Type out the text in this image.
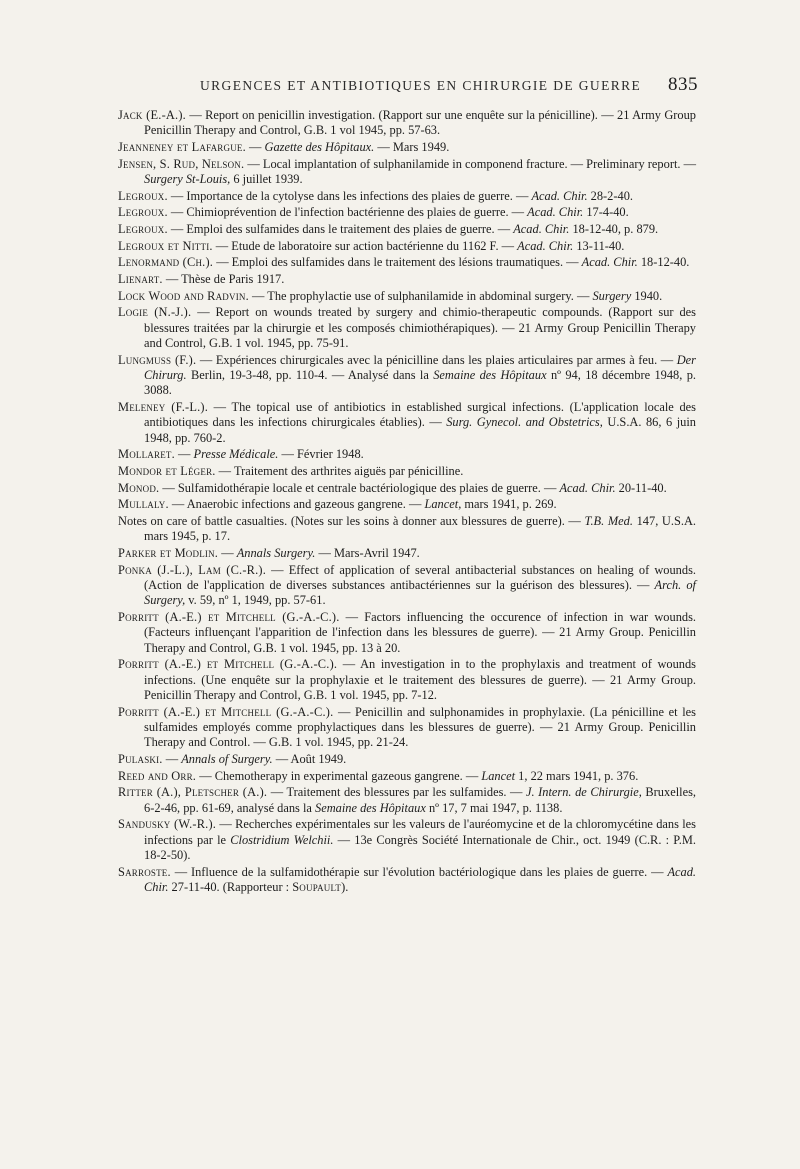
URGENCES ET ANTIBIOTIQUES EN CHIRURGIE DE GUERRE 835

Jack (E.-A.). — Report on penicillin investigation. (Rapport sur une enquête sur la pénicilline). — 21 Army Group Penicillin Therapy and Control, G.B. 1 vol 1945, pp. 57-63.

Jeanneney et Lafargue. — Gazette des Hôpitaux. — Mars 1949.

Jensen, S. Rud, Nelson. — Local implantation of sulphanilamide in componend fracture. — Preliminary report. — Surgery St-Louis, 6 juillet 1939.

Legroux. — Importance de la cytolyse dans les infections des plaies de guerre. — Acad. Chir. 28-2-40.

Legroux. — Chimioprévention de l'infection bactérienne des plaies de guerre. — Acad. Chir. 17-4-40.

Legroux. — Emploi des sulfamides dans le traitement des plaies de guerre. — Acad. Chir. 18-12-40, p. 879.

Legroux et Nitti. — Etude de laboratoire sur action bactérienne du 1162 F. — Acad. Chir. 13-11-40.

Lenormand (Ch.). — Emploi des sulfamides dans le traitement des lésions traumatiques. — Acad. Chir. 18-12-40.

Lienart. — Thèse de Paris 1917.

Lock Wood and Radvin. — The prophylactie use of sulphanilamide in abdominal surgery. — Surgery 1940.

Logie (N.-J.). — Report on wounds treated by surgery and chimio-therapeutic compounds. (Rapport sur des blessures traitées par la chirurgie et les composés chimiothérapiques). — 21 Army Group Penicillin Therapy and Control, G.B. 1 vol. 1945, pp. 75-91.

Lungmuss (F.). — Expériences chirurgicales avec la pénicilline dans les plaies articulaires par armes à feu. — Der Chirurg. Berlin, 19-3-48, pp. 110-4. — Analysé dans la Semaine des Hôpitaux nº 94, 18 décembre 1948, p. 3088.

Meleney (F.-L.). — The topical use of antibiotics in established surgical infections. (L'application locale des antibiotiques dans les infections chirurgicales établies). — Surg. Gynecol. and Obstetrics, U.S.A. 86, 6 juin 1948, pp. 760-2.

Mollaret. — Presse Médicale. — Février 1948.

Mondor et Léger. — Traitement des arthrites aiguës par pénicilline.

Monod. — Sulfamidothérapie locale et centrale bactériologique des plaies de guerre. — Acad. Chir. 20-11-40.

Mullaly. — Anaerobic infections and gazeous gangrene. — Lancet, mars 1941, p. 269.

Notes on care of battle casualties. (Notes sur les soins à donner aux blessures de guerre). — T.B. Med. 147, U.S.A. mars 1945, p. 17.

Parker et Modlin. — Annals Surgery. — Mars-Avril 1947.

Ponka (J.-L.), Lam (C.-R.). — Effect of application of several antibacterial substances on healing of wounds. (Action de l'application de diverses substances antibactériennes sur la guérison des blessures). — Arch. of Surgery, v. 59, nº 1, 1949, pp. 57-61.

Porritt (A.-E.) et Mitchell (G.-A.-C.). — Factors influencing the occurence of infection in war wounds. (Facteurs influençant l'apparition de l'infection dans les blessures de guerre). — 21 Army Group. Penicillin Therapy and Control, G.B. 1 vol. 1945, pp. 13 à 20.

Porritt (A.-E.) et Mitchell (G.-A.-C.). — An investigation in to the prophylaxis and treatment of wounds infections. (Une enquête sur la prophylaxie et le traitement des blessures de guerre). — 21 Army Group. Penicillin Therapy and Control, G.B. 1 vol. 1945, pp. 7-12.

Porritt (A.-E.) et Mitchell (G.-A.-C.). — Penicillin and sulphonamides in prophylaxie. (La pénicilline et les sulfamides employés comme prophylactiques dans les blessures de guerre). — 21 Army Group. Penicillin Therapy and Control. — G.B. 1 vol. 1945, pp. 21-24.

Pulaski. — Annals of Surgery. — Août 1949.

Reed and Orr. — Chemotherapy in experimental gazeous gangrene. — Lancet 1, 22 mars 1941, p. 376.

Ritter (A.), Pletscher (A.). — Traitement des blessures par les sulfamides. — J. Intern. de Chirurgie, Bruxelles, 6-2-46, pp. 61-69, analysé dans la Semaine des Hôpitaux nº 17, 7 mai 1947, p. 1138.

Sandusky (W.-R.). — Recherches expérimentales sur les valeurs de l'auréomycine et de la chloromycétine dans les infections par le Clostridium Welchii. — 13e Congrès Société Internationale de Chir., oct. 1949 (C.R. : P.M. 18-2-50).

Sarroste. — Influence de la sulfamidothérapie sur l'évolution bactériologique dans les plaies de guerre. — Acad. Chir. 27-11-40. (Rapporteur : Soupault).
